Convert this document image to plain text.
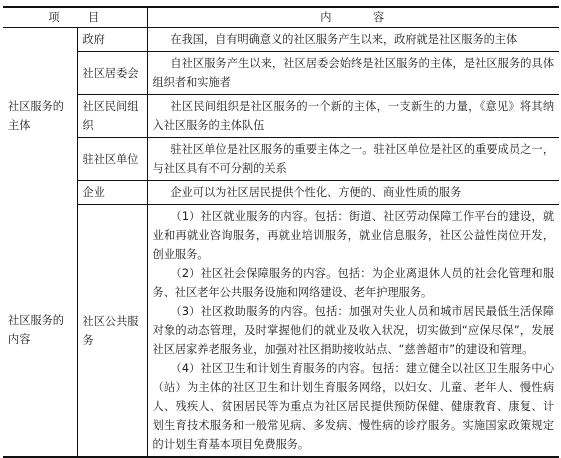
项　　目		内　　　容
社区服务的主体	政府	在我国，自有明确意义的社区服务产生以来，政府就是社区服务的主体

	社区居委会	自社区服务产生以来，社区居委会始终是社区服务的主体，是社区服务的具体组织者和实施者

	社区民间组织	社区民间组织是社区服务的一个新的主体，一支新生的力量，《意见》将其纳入社区服务的主体队伍

	驻社区单位	驻社区单位是社区服务的重要主体之一。驻社区单位是社区的重要成员之一，与社区具有不可分割的关系

	企业	企业可以为社区居民提供个性化、方便的、商业性质的服务

社区服务的内容	社区公共服务	（1）社区就业服务的内容。包括：街道、社区劳动保障工作平台的建设，就业和再就业咨询服务，再就业培训服务，就业信息服务，社区公益性岗位开发，创业服务。
（2）社区社会保障服务的内容。包括：为企业离退休人员的社会化管理和服务、社区老年公共服务设施和网络建设、老年护理服务。
（3）社区救助服务的内容。包括：加强对失业人员和城市居民最低生活保障对象的动态管理，及时掌握他们的就业及收入状况，切实做到“应保尽保”，发展社区居家养老服务业，加强对社区捐助接收站点、“慈善超市”的建设和管理。
（4）社区卫生和计划生育服务的内容。包括：建立健全以社区卫生服务中心（站）为主体的社区卫生和计划生育服务网络，以妇女、儿童、老年人、慢性病人、残疾人、贫困居民等为重点为社区居民提供预防保健、健康教育、康复、计划生育技术服务和一般常见病、多发病、慢性病的诊疗服务。实施国家政策规定的计划生育基本项目免费服务。
